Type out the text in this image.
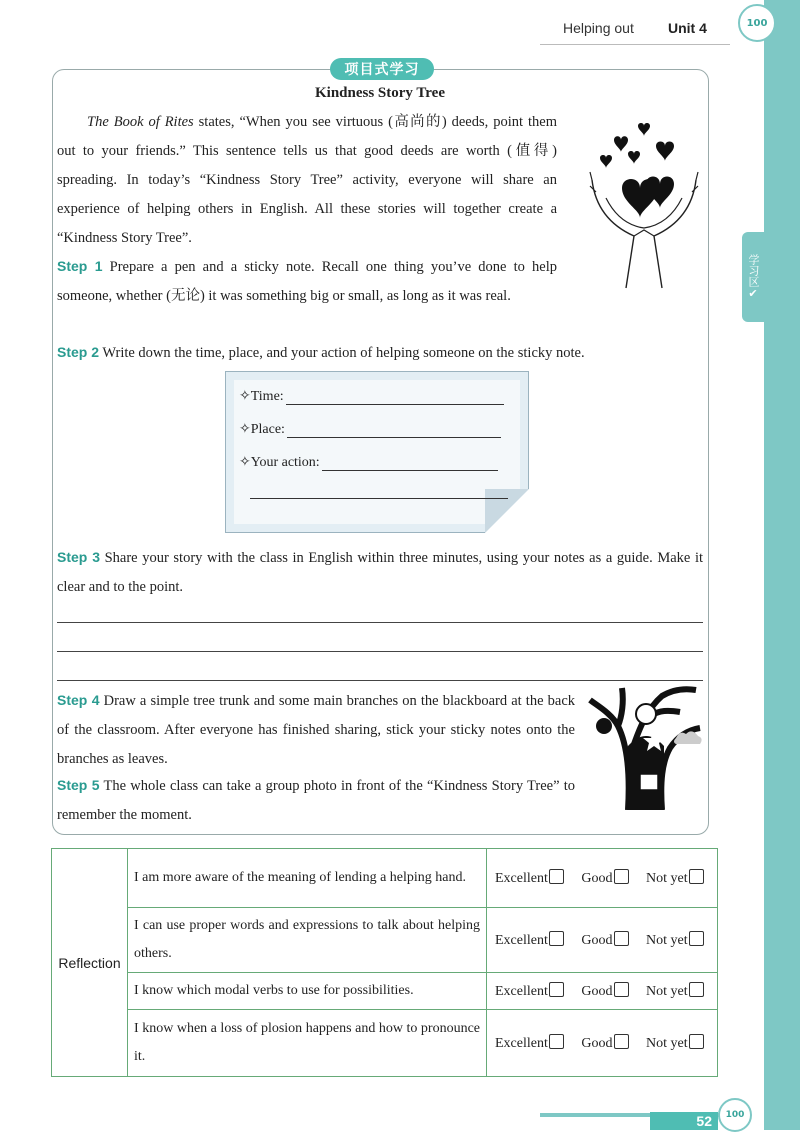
学习区
✔
100
Helping out Unit 4
项目式学习
Kindness Story Tree

The Book of Rites states, “When you see virtuous (高尚的) deeds, point them out to your friends.” This sentence tells us that good deeds are worth (值得) spreading. In today’s “Kindness Story Tree” activity, everyone will share an experience of helping others in English. All these stories will together create a “Kindness Story Tree”.

Step 1 Prepare a pen and a sticky note. Recall one thing you’ve done to help someone, whether (无论) it was something big or small, as long as it was real.

Step 2 Write down the time, place, and your action of helping someone on the sticky note.

✧Time:
✧Place:
✧Your action:

Step 3 Share your story with the class in English within three minutes, using your notes as a guide. Make it clear and to the point.

Step 4 Draw a simple tree trunk and some main branches on the blackboard at the back of the classroom. After everyone has finished sharing, stick your sticky notes onto the branches as leaves.

Step 5 The whole class can take a group photo in front of the “Kindness Story Tree” to remember the moment.

Reflection	I am more aware of the meaning of lending a helping hand.	Excellent Good Not yet
	I can use proper words and expressions to talk about helping others.	Excellent Good Not yet
	I know which modal verbs to use for possibilities.	Excellent Good Not yet
	I know when a loss of plosion happens and how to pronounce it.	Excellent Good Not yet
52	100
